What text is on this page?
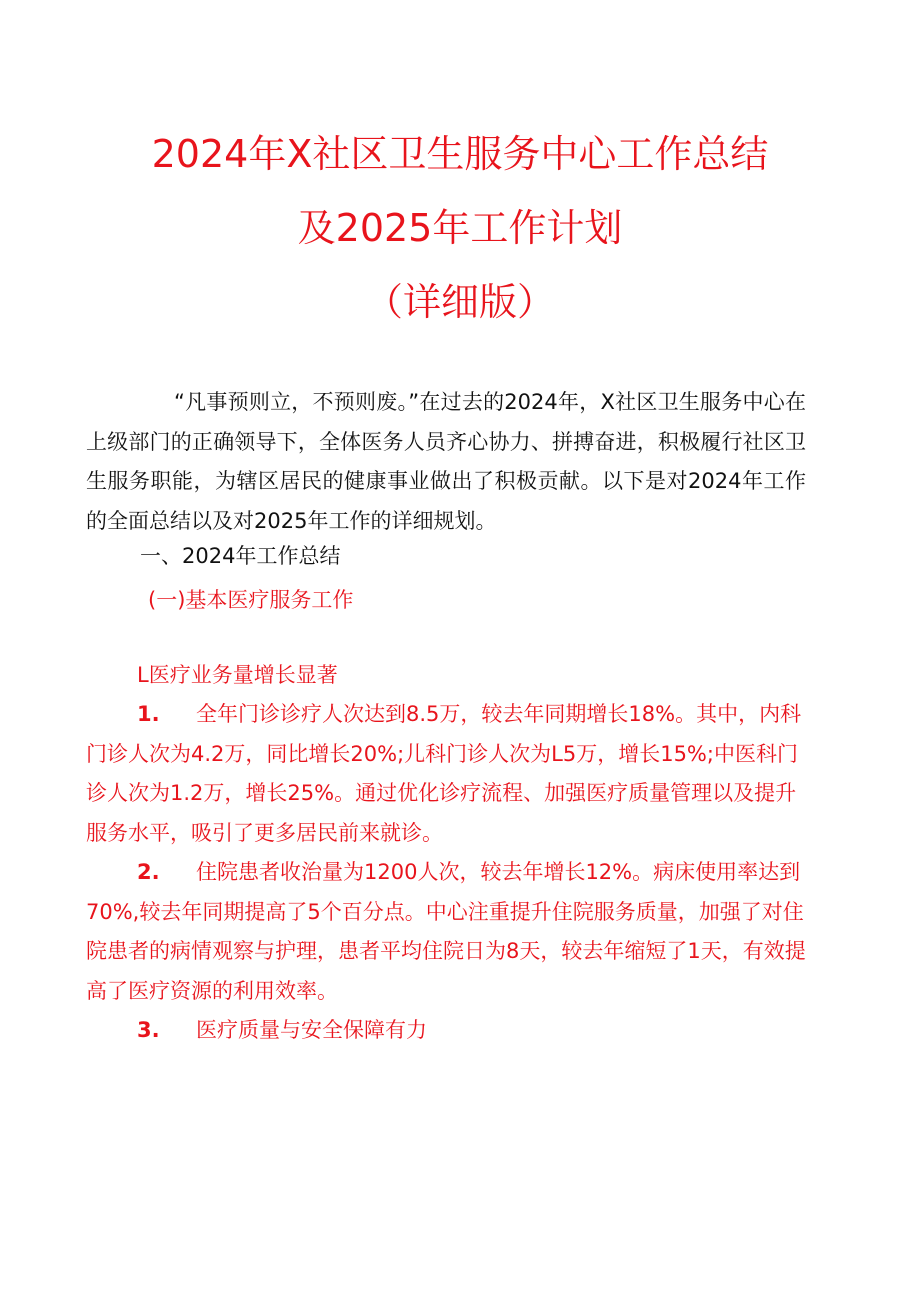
2024年X社区卫生服务中心工作总结
及2025年工作计划
（详细版）

“凡事预则立，不预则废。”在过去的2024年，X社区卫生服务中心在上级部门的正确领导下，全体医务人员齐心协力、拼搏奋进，积极履行社区卫生服务职能，为辖区居民的健康事业做出了积极贡献。以下是对2024年工作的全面总结以及对2025年工作的详细规划。

一、2024年工作总结

(一)基本医疗服务工作

L医疗业务量增长显著

1. 全年门诊诊疗人次达到8.5万，较去年同期增长18%。其中，内科门诊人次为4.2万，同比增长20%;儿科门诊人次为L5万，增长15%;中医科门诊人次为1.2万，增长25%。通过优化诊疗流程、加强医疗质量管理以及提升服务水平，吸引了更多居民前来就诊。
2. 住院患者收治量为1200人次，较去年增长12%。病床使用率达到70%,较去年同期提高了5个百分点。中心注重提升住院服务质量，加强了对住院患者的病情观察与护理，患者平均住院日为8天，较去年缩短了1天，有效提高了医疗资源的利用效率。
3. 医疗质量与安全保障有力
